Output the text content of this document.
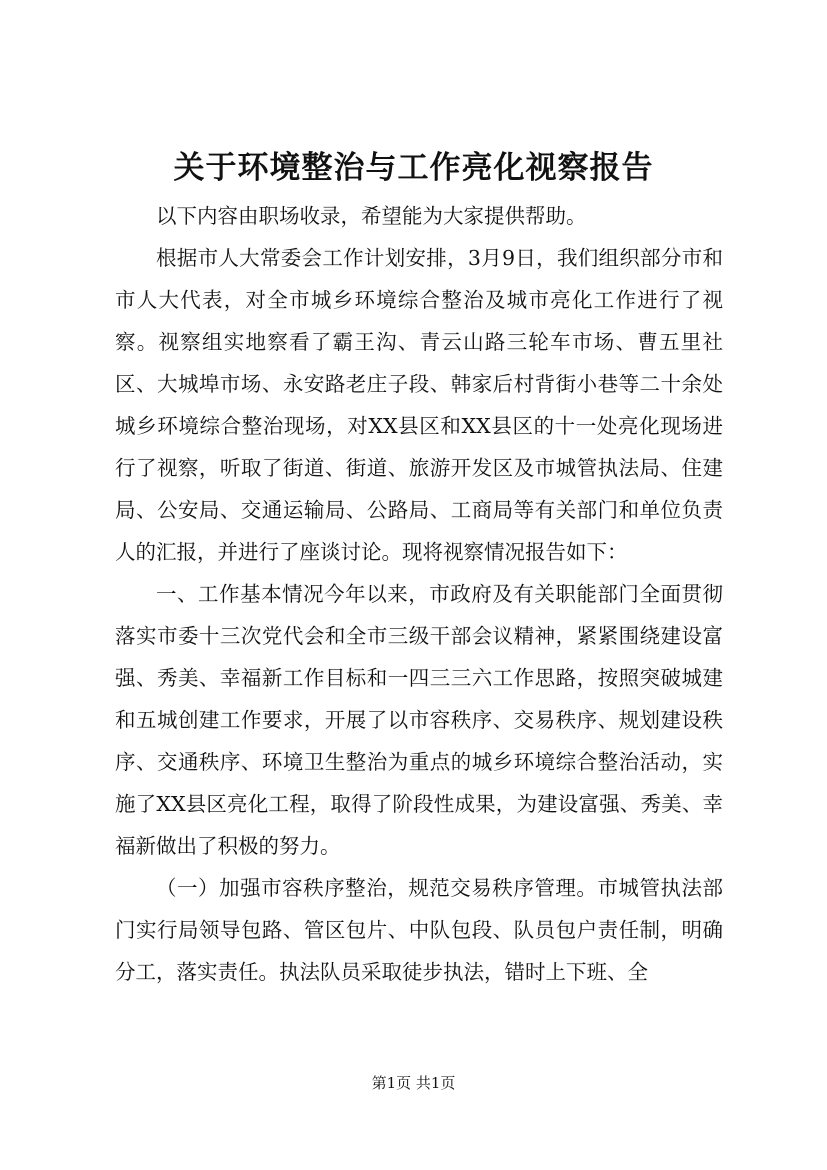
关于环境整治与工作亮化视察报告

以下内容由职场收录，希望能为大家提供帮助。

根据市人大常委会工作计划安排，3月9日，我们组织部分市和市人大代表，对全市城乡环境综合整治及城市亮化工作进行了视察。视察组实地察看了霸王沟、青云山路三轮车市场、曹五里社区、大城埠市场、永安路老庄子段、韩家后村背街小巷等二十余处城乡环境综合整治现场，对XX县区和XX县区的十一处亮化现场进行了视察，听取了街道、街道、旅游开发区及市城管执法局、住建局、公安局、交通运输局、公路局、工商局等有关部门和单位负责人的汇报，并进行了座谈讨论。现将视察情况报告如下：

一、工作基本情况今年以来，市政府及有关职能部门全面贯彻落实市委十三次党代会和全市三级干部会议精神，紧紧围绕建设富强、秀美、幸福新工作目标和一四三三六工作思路，按照突破城建和五城创建工作要求，开展了以市容秩序、交易秩序、规划建设秩序、交通秩序、环境卫生整治为重点的城乡环境综合整治活动，实施了XX县区亮化工程，取得了阶段性成果，为建设富强、秀美、幸福新做出了积极的努力。

（一）加强市容秩序整治，规范交易秩序管理。市城管执法部门实行局领导包路、管区包片、中队包段、队员包户责任制，明确分工，落实责任。执法队员采取徒步执法，错时上下班、全

第1页 共1页
